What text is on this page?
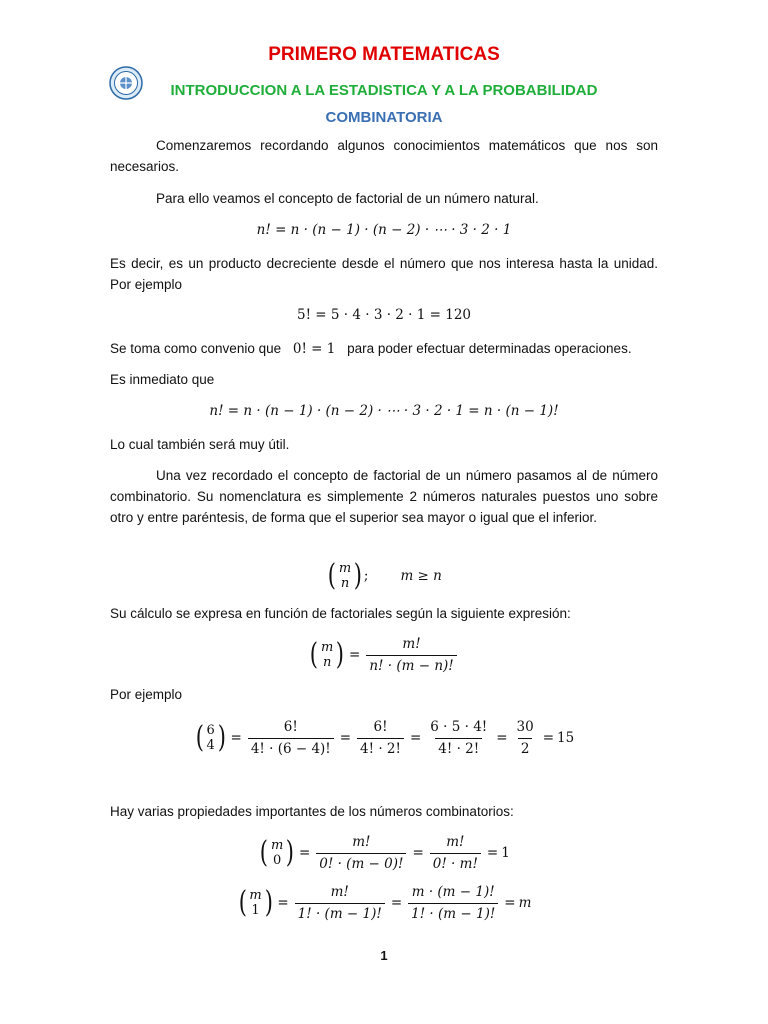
PRIMERO MATEMATICAS
INTRODUCCION A LA ESTADISTICA Y A LA PROBABILIDAD
COMBINATORIA

Comenzaremos recordando algunos conocimientos matemáticos que nos son necesarios.

Para ello veamos el concepto de factorial de un número natural.

n! = n · (n − 1) · (n − 2) · ⋯ · 3 · 2 · 1

Es decir, es un producto decreciente desde el número que nos interesa hasta la unidad. Por ejemplo

5! = 5 · 4 · 3 · 2 · 1 = 120

Se toma como convenio que 0! = 1 para poder efectuar determinadas operaciones.

Es inmediato que

n! = n · (n − 1) · (n − 2) · ⋯ · 3 · 2 · 1 = n · (n − 1)!

Lo cual también será muy útil.

Una vez recordado el concepto de factorial de un número pasamos al de número combinatorio. Su nomenclatura es simplemente 2 números naturales puestos uno sobre otro y entre paréntesis, de forma que el superior sea mayor o igual que el inferior.

( m
n ) ; m ≥ n

Su cálculo se expresa en función de factoriales según la siguiente expresión:

( m
n ) = $\frac{m!}{n! \cdot (m - n)!}$

Por ejemplo

( 6
4 ) = $\frac{6!}{4! \cdot (6 - 4)!} = \frac{6!}{4! \cdot 2!} = \frac{6 \cdot 5 \cdot 4!}{4! \cdot 2!} = \frac{30}{2} = 15$

Hay varias propiedades importantes de los números combinatorios:

( m
0 ) = $\frac{m!}{0! \cdot (m - 0)!} = \frac{m!}{0! \cdot m!} = 1$
( m
1 ) = $\frac{m!}{1! \cdot (m - 1)!} = \frac{m \cdot (m - 1)!}{1! \cdot (m - 1)!} = m$
1
